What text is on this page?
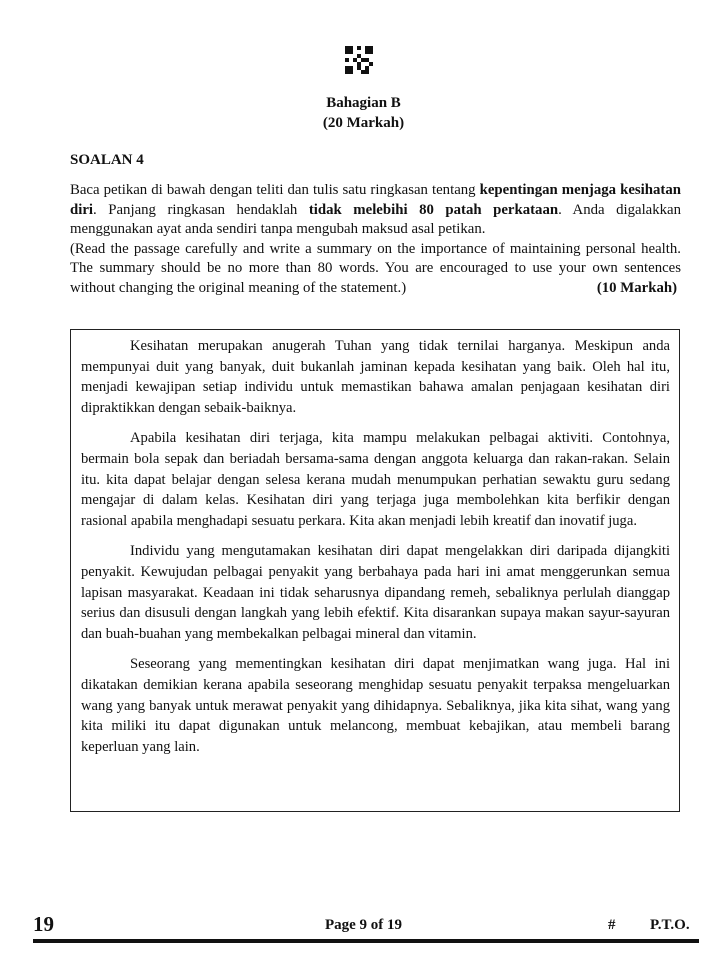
Bahagian B
(20 Markah)
SOALAN 4

Baca petikan di bawah dengan teliti dan tulis satu ringkasan tentang kepentingan menjaga kesihatan diri. Panjang ringkasan hendaklah tidak melebihi 80 patah perkataan. Anda digalakkan menggunakan ayat anda sendiri tanpa mengubah maksud asal petikan.

(Read the passage carefully and write a summary on the importance of maintaining personal health. The summary should be no more than 80 words. You are encouraged to use your own sentences without changing the original meaning of the statement.)	(10 Markah)

Kesihatan merupakan anugerah Tuhan yang tidak ternilai harganya. Meskipun anda mempunyai duit yang banyak, duit bukanlah jaminan kepada kesihatan yang baik. Oleh hal itu, menjadi kewajipan setiap individu untuk memastikan bahawa amalan penjagaan kesihatan diri dipraktikkan dengan sebaik-baiknya.

Apabila kesihatan diri terjaga, kita mampu melakukan pelbagai aktiviti. Contohnya, bermain bola sepak dan beriadah bersama-sama dengan anggota keluarga dan rakan-rakan. Selain itu. kita dapat belajar dengan selesa kerana mudah menumpukan perhatian sewaktu guru sedang mengajar di dalam kelas. Kesihatan diri yang terjaga juga membolehkan kita berfikir dengan rasional apabila menghadapi sesuatu perkara. Kita akan menjadi lebih kreatif dan inovatif juga.

Individu yang mengutamakan kesihatan diri dapat mengelakkan diri daripada dijangkiti penyakit. Kewujudan pelbagai penyakit yang berbahaya pada hari ini amat menggerunkan semua lapisan masyarakat. Keadaan ini tidak seharusnya dipandang remeh, sebaliknya perlulah dianggap serius dan disusuli dengan langkah yang lebih efektif. Kita disarankan supaya makan sayur-sayuran dan buah-buahan yang membekalkan pelbagai mineral dan vitamin.

Seseorang yang mementingkan kesihatan diri dapat menjimatkan wang juga. Hal ini dikatakan demikian kerana apabila seseorang menghidap sesuatu penyakit terpaksa mengeluarkan wang yang banyak untuk merawat penyakit yang dihidapnya. Sebaliknya, jika kita sihat, wang yang kita miliki itu dapat digunakan untuk melancong, membuat kebajikan, atau membeli barang keperluan yang lain.

19	Page 9 of 19	# P.T.O.
